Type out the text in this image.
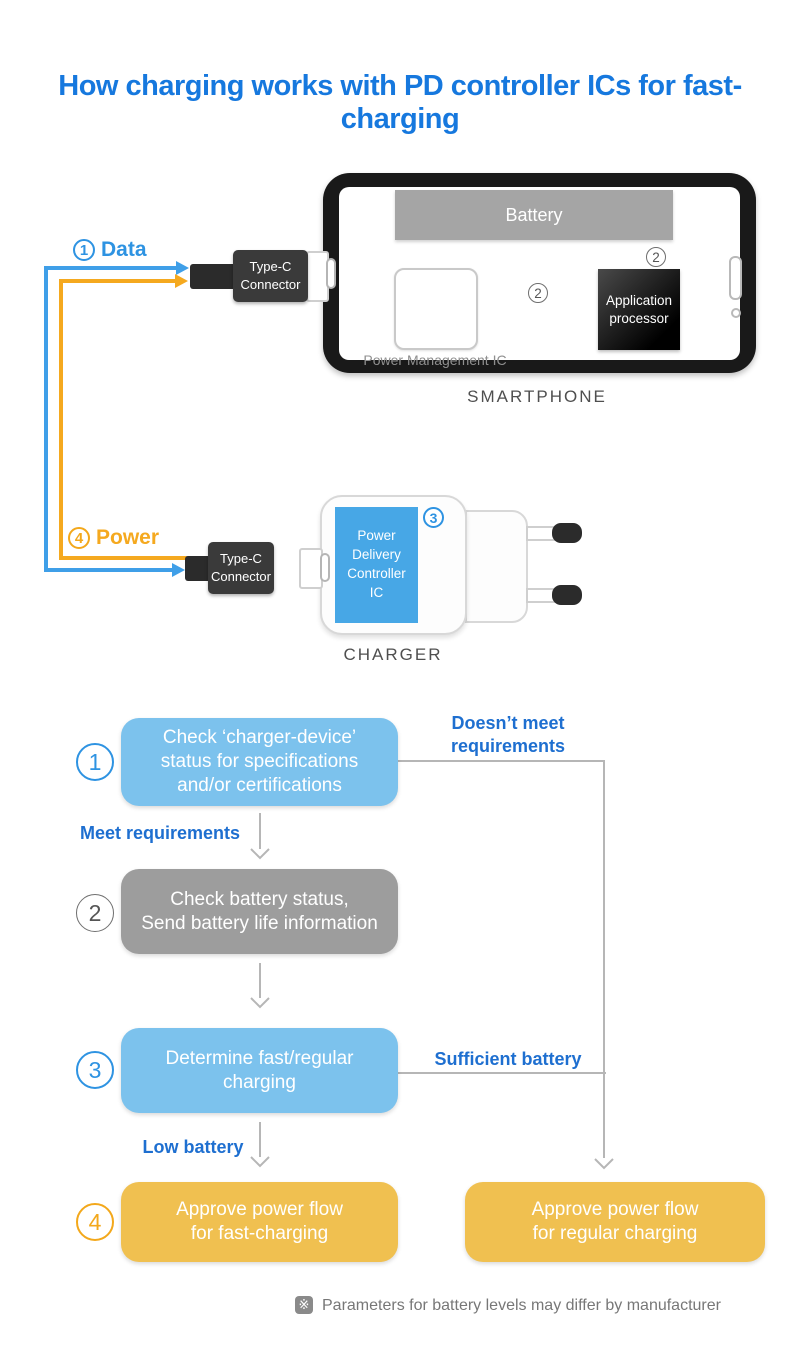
How charging works with PD controller ICs for fast-charging
Battery
Power Management IC
Application
processor
2
2
Type-C
Connector
SMARTPHONE
1 Data
4 Power	Power
Delivery
Controller
IC
3
Type-C
Connector
CHARGER
1
Check ‘charger-device’
status for specifications
and/or certifications
Doesn’t meet
requirements
Meet requirements
2
Check battery status,
Send battery life information
3	Determine fast/regular
charging
Sufficient battery
Low battery
4	Approve power flow
for fast-charging
Approve power flow
for regular charging
※ Parameters for battery levels may differ by manufacturer
